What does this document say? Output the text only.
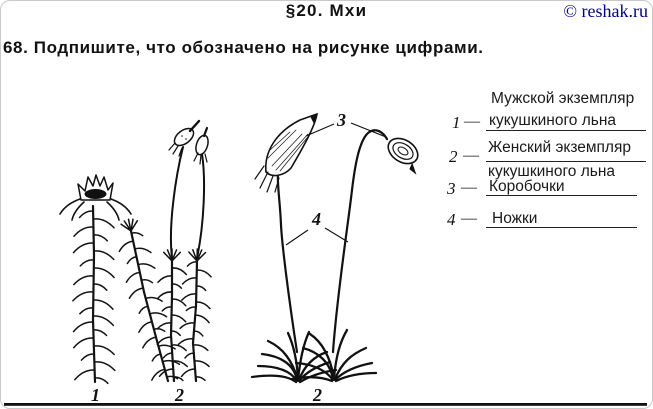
§20. Мхи	© reshak.ru
68. Подпишите, что обозначено на рисунке цифрами.
Мужской экземпляр
1 — кукушкиного льна
2 — Женский экземпляр
кукушкиного льна
3 — Коробочки
4 — Ножки
3
4
1	2	2
